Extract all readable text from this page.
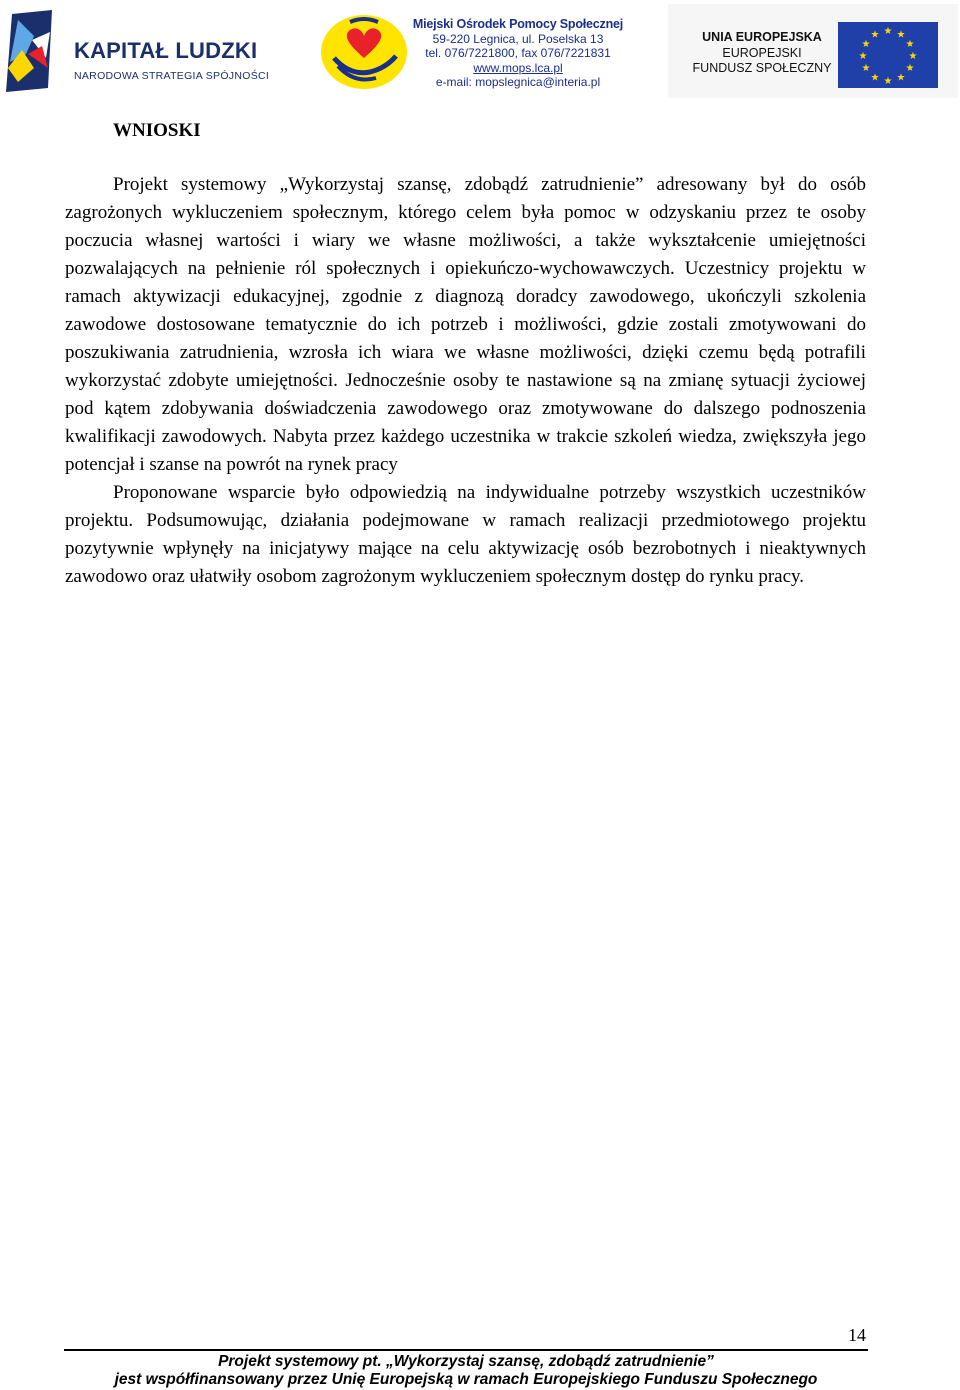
KAPITAŁ LUDZKI
NARODOWA STRATEGIA SPÓJNOŚCI
Miejski Ośrodek Pomocy Społecznej
59-220 Legnica, ul. Poselska 13
tel. 076/7221800, fax 076/7221831
www.mops.lca.pl
e-mail: mopslegnica@interia.pl
UNIA EUROPEJSKA
EUROPEJSKI
FUNDUSZ SPOŁECZNY
★ ★
★
★
★
★
★
★
★
★
★
★
WNIOSKI

Projekt systemowy „Wykorzystaj szansę, zdobądź zatrudnienie” adresowany był do osób zagrożonych wykluczeniem społecznym, którego celem była pomoc w odzyskaniu przez te osoby poczucia własnej wartości i wiary we własne możliwości, a także wykształcenie umiejętności pozwalających na pełnienie ról społecznych i opiekuńczo-wychowawczych. Uczestnicy projektu w ramach aktywizacji edukacyjnej, zgodnie z diagnozą doradcy zawodowego, ukończyli szkolenia zawodowe dostosowane tematycznie do ich potrzeb i możliwości, gdzie zostali zmotywowani do poszukiwania zatrudnienia, wzrosła ich wiara we własne możliwości, dzięki czemu będą potrafili wykorzystać zdobyte umiejętności. Jednocześnie osoby te nastawione są na zmianę sytuacji życiowej pod kątem zdobywania doświadczenia zawodowego oraz zmotywowane do dalszego podnoszenia kwalifikacji zawodowych. Nabyta przez każdego uczestnika w trakcie szkoleń wiedza, zwiększyła jego potencjał i szanse na powrót na rynek pracy

Proponowane wsparcie było odpowiedzią na indywidualne potrzeby wszystkich uczestników projektu. Podsumowując, działania podejmowane w ramach realizacji przedmiotowego projektu pozytywnie wpłynęły na inicjatywy mające na celu aktywizację osób bezrobotnych i nieaktywnych zawodowo oraz ułatwiły osobom zagrożonym wykluczeniem społecznym dostęp do rynku pracy.

14
Projekt systemowy pt. „Wykorzystaj szansę, zdobądź zatrudnienie”
jest współfinansowany przez Unię Europejską w ramach Europejskiego Funduszu Społecznego
